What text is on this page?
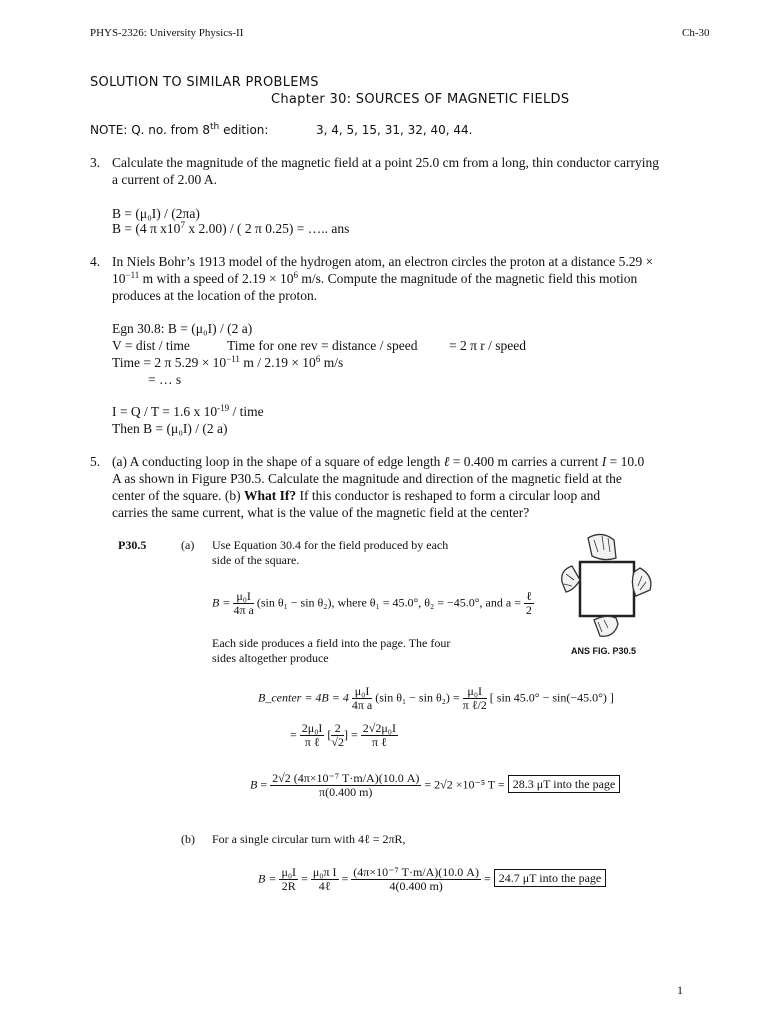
PHYS-2326: University Physics-II	Ch-30
SOLUTION TO SIMILAR PROBLEMS
Chapter 30: SOURCES OF MAGNETIC FIELDS
NOTE: Q. no. from 8th edition:	3, 4, 5, 15, 31, 32, 40, 44.
3. Calculate the magnitude of the magnetic field at a point 25.0 cm from a long, thin conductor carrying
a current of 2.00 A.
B = (μ₀I) / (2πa)
B = (4 π $x10^7$ x 2.00) / ( 2 π 0.25) = ….. ans
4. In Niels Bohr’s 1913 model of the hydrogen atom, an electron circles the proton at a distance 5.29 ×
$10^{-11}$ m with a speed of $2.19 \times 10^6$ m/s. Compute the magnitude of the magnetic field this motion
produces at the location of the proton.
Egn 30.8: B = (μ₀I) / (2 a)
V = dist / time	Time for one rev = distance / speed = 2 π r / speed
Time = 2 π $5.29 \times 10^{-11}$ $m / 2.19 \times 10^6$ m/s
= … s
I = Q / T = 1.6 x $10^{-19}$ / time
Then B = (μ₀I) / (2 a)
5. (a) A conducting loop in the shape of a square of edge length ℓ = 0.400 m carries a current I = 10.0
A as shown in Figure P30.5. Calculate the magnitude and direction of the magnetic field at the
center of the square. (b) What If? If this conductor is reshaped to form a circular loop and
carries the same current, what is the value of the magnetic field at the center?
P30.5	(a) Use Equation 30.4 for the field produced by each
side of the square.
$B = \frac{\text{μ₀I}}{\text{4π a}} (\sin$ θ₁ − sin θ₂), where θ₁ = 45.0°, θ₂ = −45.0°, and $a = \frac{\text{ℓ}}{2}$
Each side produces a field into the page. The four
sides altogether produce	ANS FIG. P30.5
B_center = $4B = 4 \frac{\text{μ₀I}}{\text{4π a}} (\sin$ $\theta_1 - \sin \theta_2) = \frac{\text{μ₀I}}{\text{π ℓ/2}}$ [ sin 45.0° − sin(−45.0°) ]
= $\frac{\text{2μ₀I}}{\text{π ℓ}}$ [ $\frac{2}{√2}$ ] = $\frac{\text{2√2μ₀I}}{\text{π ℓ}}$
$B = \frac{\text{2√2 (4π×10⁻⁷ T·m/A)(10.0 A)}}{\pi(0.400 m)} = 2√2 \times 10^{-5}$ T = 28.3 μT into the page
(b) For a single circular turn with 4ℓ = 2πR,
$B = \frac{\text{μ₀I}}{2R} = \frac{\text{μ₀π I}}{\text{4ℓ}} = \frac{\text{(4π×10⁻⁷ T·m/A)(10.0 A)}}{4(0.400 m)} = 24.7$ μT into the page
1
